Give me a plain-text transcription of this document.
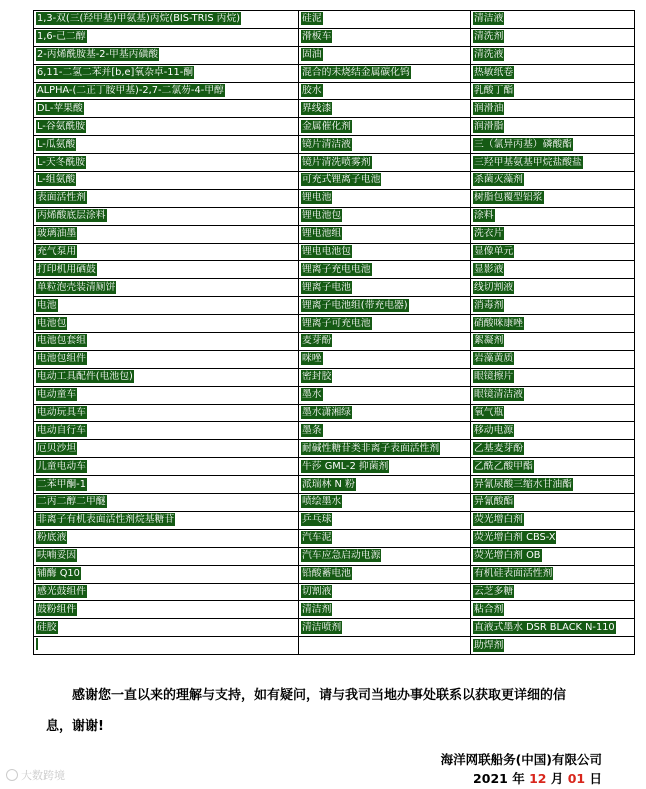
1,3-双(三(羟甲基)甲氨基)丙烷(BIS-TRIS 丙烷)	硅泥	清洁液
1,6-己二醇	滑板车	清洗剂
2-丙烯酰胺基-2-甲基丙磺酸	固油	清洗液
6,11-二氢二苯并[b,e]氧杂卓-11-酮	混合的未烧结金属碳化钨	热敏纸卷
ALPHA-(二正丁胺甲基)-2,7-二氯芴-4-甲醇	胶水	乳酸丁酯
DL-苹果酸	界线漆	润滑油
L-谷氨酰胺	金属催化剂	润滑脂
L-瓜氨酸	镜片清洁液	三（氯异丙基）磷酸酯
L-天冬酰胺	镜片清洗喷雾剂	三羟甲基氨基甲烷盐酸盐
L-组氨酸	可充式锂离子电池	杀菌灭藻剂
表面活性剂	锂电池	树脂包覆型铝浆
丙烯酸底层涂料	锂电池包	涂料
玻璃油墨	锂电池组	洗衣片
充气泵用	锂电电池包	显像单元
打印机用硒鼓	锂离子充电电池	显影液
单粒泡壳装清厕饼	锂离子电池	线切割液
电池	锂离子电池组(带充电器)	消毒剂
电池包	锂离子可充电池	硝酸咪康唑
电池包套组	麦芽酚	絮凝剂
电池包组件	咪唑	岩藻黄质
电动工具配件(电池包)	密封胶	眼镜擦片
电动童车	墨水	眼镜清洁液
电动玩具车	墨水潇湘绿	氧气瓶
电动自行车	墨条	移动电源
厄贝沙坦	耐碱性糖苷类非离子表面活性剂	乙基麦芽酚
儿童电动车	牛莎 GML-2 抑菌剂	乙酰乙酸甲酯
二苯甲酮-1	派瑞林 N 粉	异氰尿酸三缩水甘油酯
二丙二醇二甲醚	喷绘墨水	异氰酸酯
非离子有机表面活性剂烷基糖苷	乒乓球	荧光增白剂
粉底液	汽车泥	荧光增白剂 CBS-X
呋喃妥因	汽车应急启动电源	荧光增白剂 OB
辅酶 Q10	铅酸蓄电池	有机硅表面活性剂
感光鼓组件	切割液	云芝多糖
鼓粉组件	清洁剂	粘合剂
硅胶	清洁喷剂	直液式墨水 DSR BLACK N-110
		助焊剂
感谢您一直以来的理解与支持，如有疑问，请与我司当地办事处联系以获取更详细的信
息，谢谢!
海洋网联船务(中国)有限公司
2021 年 12 月 01 日
大数跨境
